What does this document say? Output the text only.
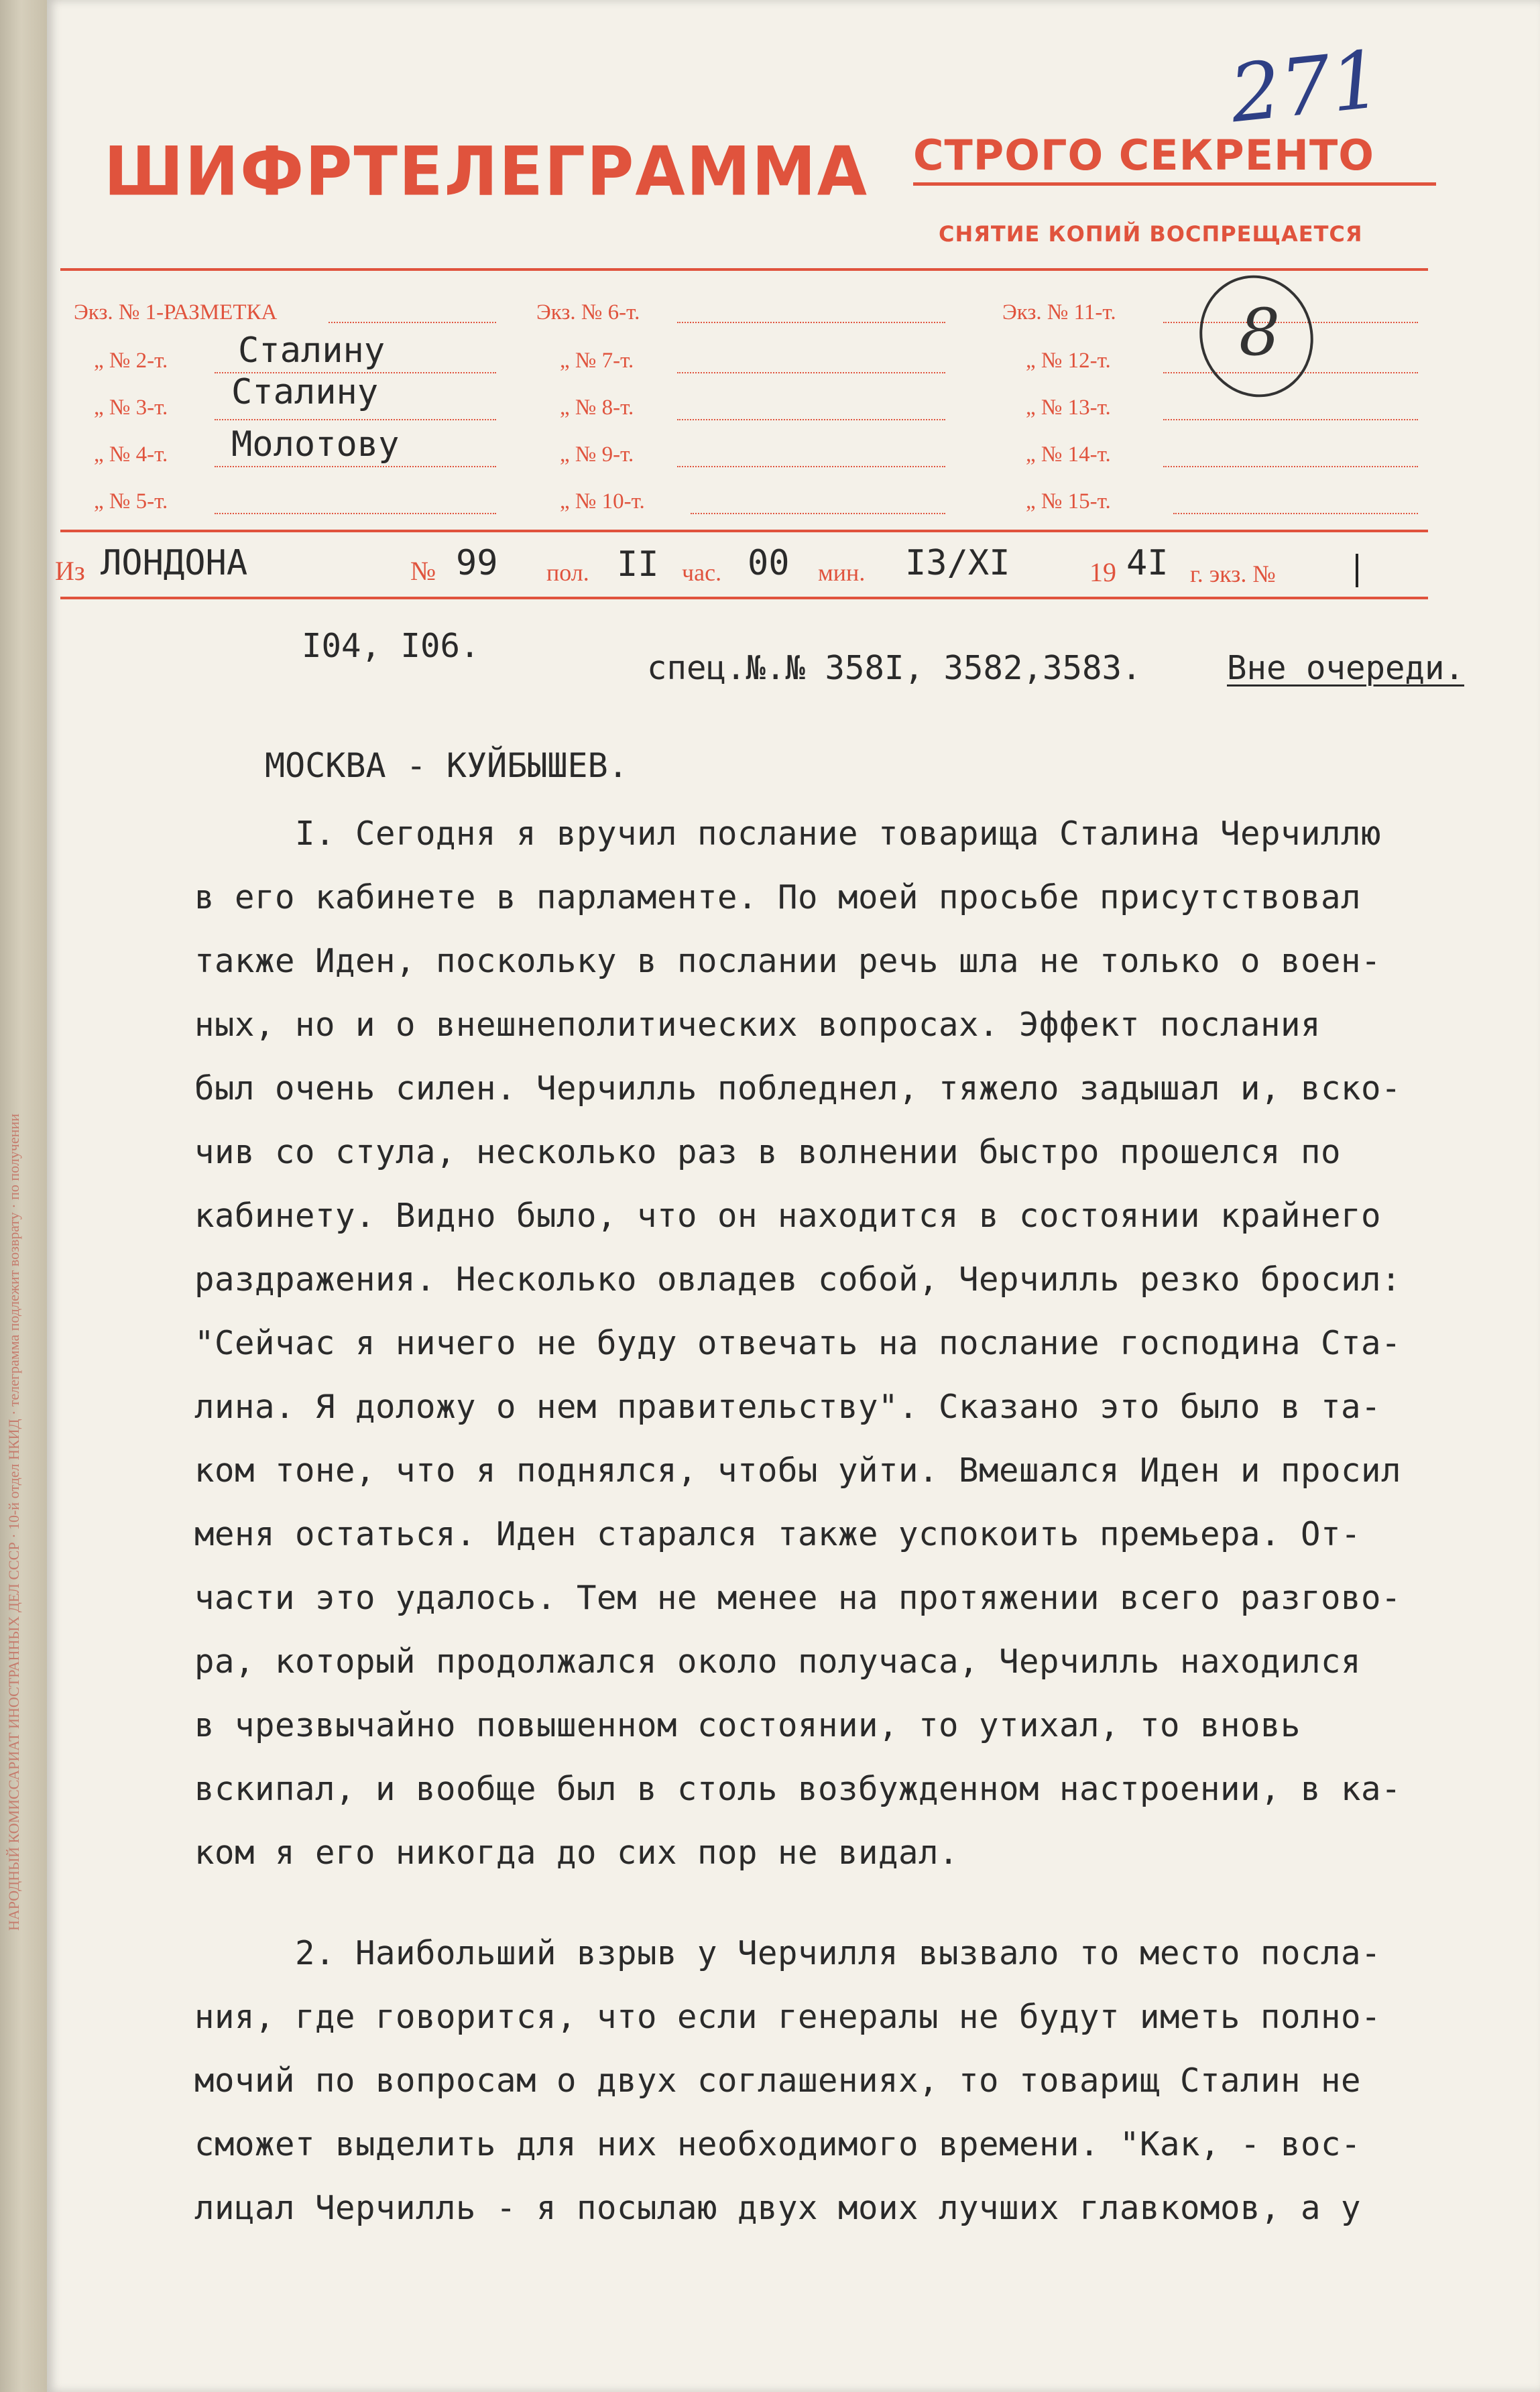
НАРОДНЫЙ КОМИССАРИАТ ИНОСТРАННЫХ ДЕЛ СССР · 10-й отдел НКИД · телеграмма подлежит возврату · по получении
ШИФРТЕЛЕГРАММА СТРОГО СЕКРЕНТО
СНЯТИЕ КОПИЙ ВОСПРЕЩАЕТСЯ
271
Экз. № 1-РАЗМЕТКА
„ № 2-т. Сталину
„ № 3-т. Сталину
„ № 4-т. Молотову
„ № 5-т.
Экз. № 6-т.
„ № 7-т.
„ № 8-т.
„ № 9-т.
„ № 10-т.
Экз. № 11-т.
„ № 12-т.
„ № 13-т.
„ № 14-т.
„ № 15-т.
8
Из ЛОНДОНА	№ 99 пол. II час. 00 мин. I3/XI	19 4I г. экз. №
I04, I06.
спец.№.№ 358I, 3582,3583.	Вне очереди.
МОСКВА - КУЙБЫШЕВ.
I. Сегодня я вручил послание товарища Сталина Черчиллю
в его кабинете в парламенте. По моей просьбе присутствовал
также Иден, поскольку в послании речь шла не только о воен-
ных, но и о внешнеполитических вопросах. Эффект послания
был очень силен. Черчилль побледнел, тяжело задышал и, вско-
чив со стула, несколько раз в волнении быстро прошелся по
кабинету. Видно было, что он находится в состоянии крайнего
раздражения. Несколько овладев собой, Черчилль резко бросил:
"Сейчас я ничего не буду отвечать на послание господина Ста-
лина. Я доложу о нем правительству". Сказано это было в та-
ком тоне, что я поднялся, чтобы уйти. Вмешался Иден и просил
меня остаться. Иден старался также успокоить премьера. От-
части это удалось. Тем не менее на протяжении всего разгово-
ра, который продолжался около получаса, Черчилль находился
в чрезвычайно повышенном состоянии, то утихал, то вновь
вскипал, и вообще был в столь возбужденном настроении, в ка-
ком я его никогда до сих пор не видал.
2. Наибольший взрыв у Черчилля вызвало то место посла-
ния, где говорится, что если генералы не будут иметь полно-
мочий по вопросам о двух соглашениях, то товарищ Сталин не
сможет выделить для них необходимого времени. "Как, - вос-
лицал Черчилль - я посылаю двух моих лучших главкомов, а у
